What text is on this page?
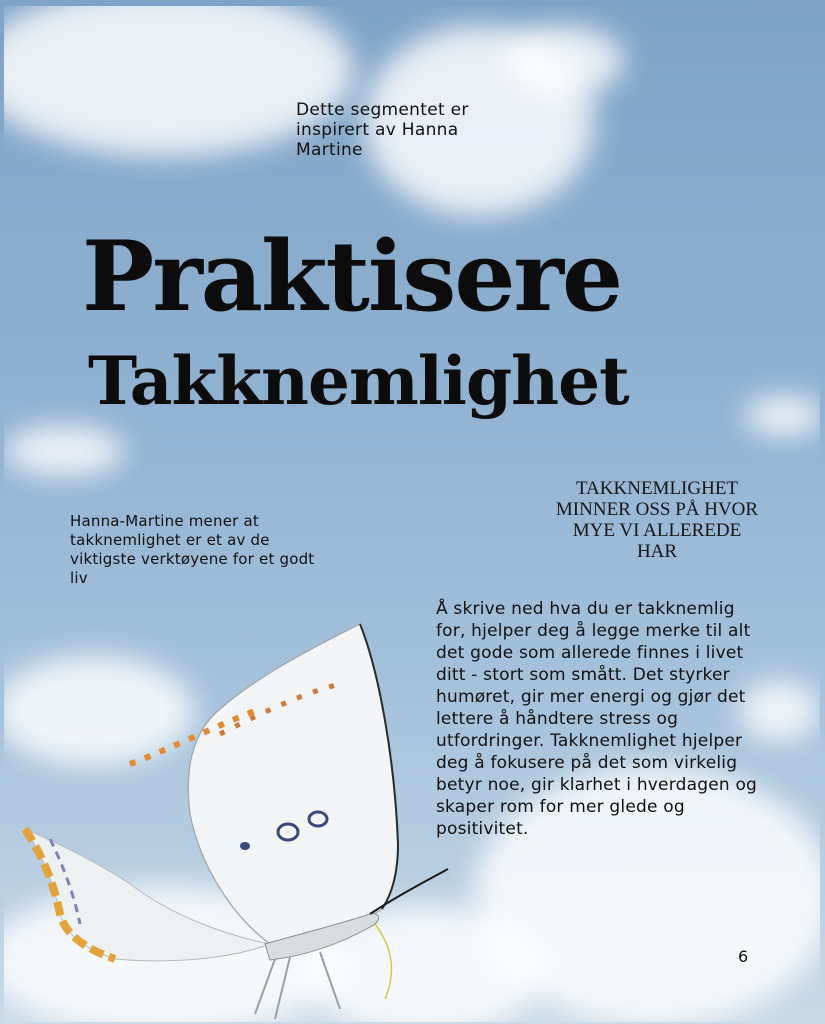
Dette segmentet er inspirert av Hanna Martine
Praktisere
Takknemlighet
TAKKNEMLIGHET MINNER OSS PÅ HVOR MYE VI ALLEREDE HAR
Hanna-Martine mener at takknemlighet er et av de viktigste verktøyene for et godt liv
Å skrive ned hva du er takknemlig for, hjelper deg å legge merke til alt det gode som allerede finnes i livet ditt - stort som smått. Det styrker humøret, gir mer energi og gjør det lettere å håndtere stress og utfordringer. Takknemlighet hjelper deg å fokusere på det som virkelig betyr noe, gir klarhet i hverdagen og skaper rom for mer glede og positivitet.
6
